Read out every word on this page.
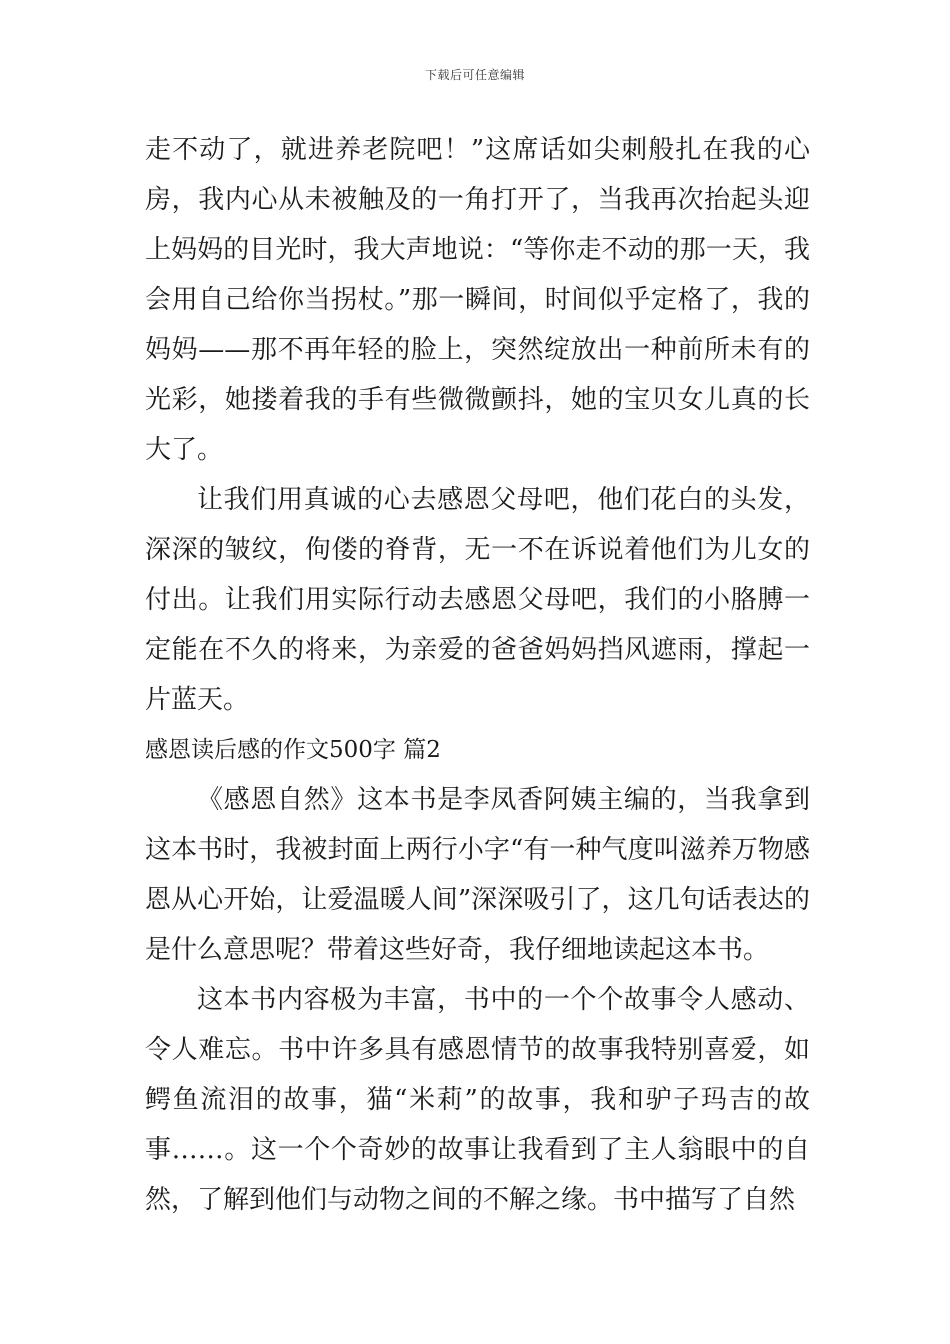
下载后可任意编辑

走不动了，就进养老院吧！”这席话如尖刺般扎在我的心房，我内心从未被触及的一角打开了，当我再次抬起头迎上妈妈的目光时，我大声地说：“等你走不动的那一天，我会用自己给你当拐杖。”那一瞬间，时间似乎定格了，我的妈妈——那不再年轻的脸上，突然绽放出一种前所未有的光彩，她搂着我的手有些微微颤抖，她的宝贝女儿真的长大了。

让我们用真诚的心去感恩父母吧，他们花白的头发，深深的皱纹，佝偻的脊背，无一不在诉说着他们为儿女的付出。让我们用实际行动去感恩父母吧，我们的小胳膊一定能在不久的将来，为亲爱的爸爸妈妈挡风遮雨，撑起一片蓝天。

感恩读后感的作文500字 篇2

《感恩自然》这本书是李凤香阿姨主编的，当我拿到这本书时，我被封面上两行小字“有一种气度叫滋养万物感恩从心开始，让爱温暖人间”深深吸引了，这几句话表达的是什么意思呢？带着这些好奇，我仔细地读起这本书。

这本书内容极为丰富，书中的一个个故事令人感动、令人难忘。书中许多具有感恩情节的故事我特别喜爱，如鳄鱼流泪的故事，猫“米莉”的故事，我和驴子玛吉的故事……。这一个个奇妙的故事让我看到了主人翁眼中的自然，了解到他们与动物之间的不解之缘。书中描写了自然
